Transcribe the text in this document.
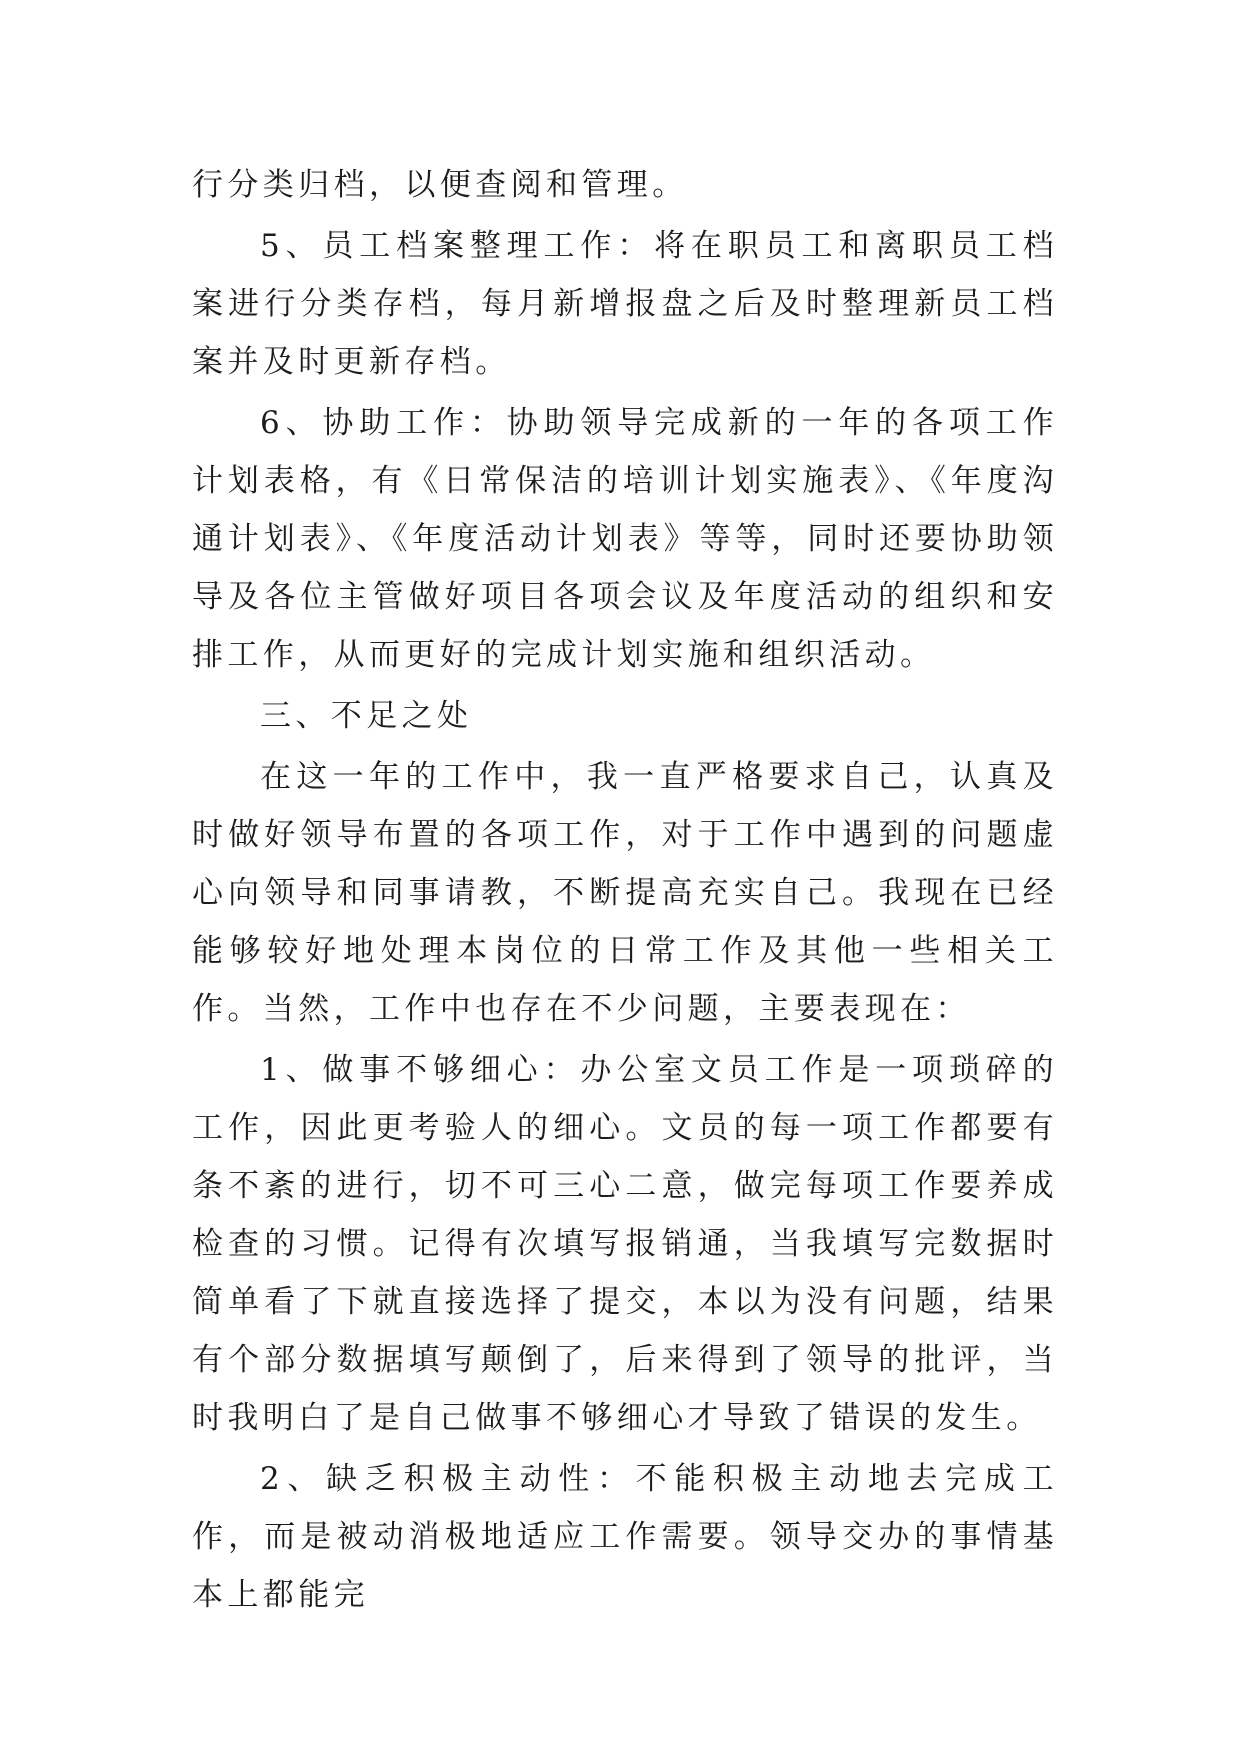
行分类归档，以便查阅和管理。

5、员工档案整理工作：将在职员工和离职员工档案进行分类存档，每月新增报盘之后及时整理新员工档案并及时更新存档。

6、协助工作：协助领导完成新的一年的各项工作计划表格，有《日常保洁的培训计划实施表》、《年度沟通计划表》、《年度活动计划表》等等，同时还要协助领导及各位主管做好项目各项会议及年度活动的组织和安排工作，从而更好的完成计划实施和组织活动。

三、不足之处

在这一年的工作中，我一直严格要求自己，认真及时做好领导布置的各项工作，对于工作中遇到的问题虚心向领导和同事请教，不断提高充实自己。我现在已经能够较好地处理本岗位的日常工作及其他一些相关工作。当然，工作中也存在不少问题，主要表现在：

1、做事不够细心：办公室文员工作是一项琐碎的工作，因此更考验人的细心。文员的每一项工作都要有条不紊的进行，切不可三心二意，做完每项工作要养成检查的习惯。记得有次填写报销通，当我填写完数据时简单看了下就直接选择了提交，本以为没有问题，结果有个部分数据填写颠倒了，后来得到了领导的批评，当时我明白了是自己做事不够细心才导致了错误的发生。

2、缺乏积极主动性：不能积极主动地去完成工作，而是被动消极地适应工作需要。领导交办的事情基本上都能完
